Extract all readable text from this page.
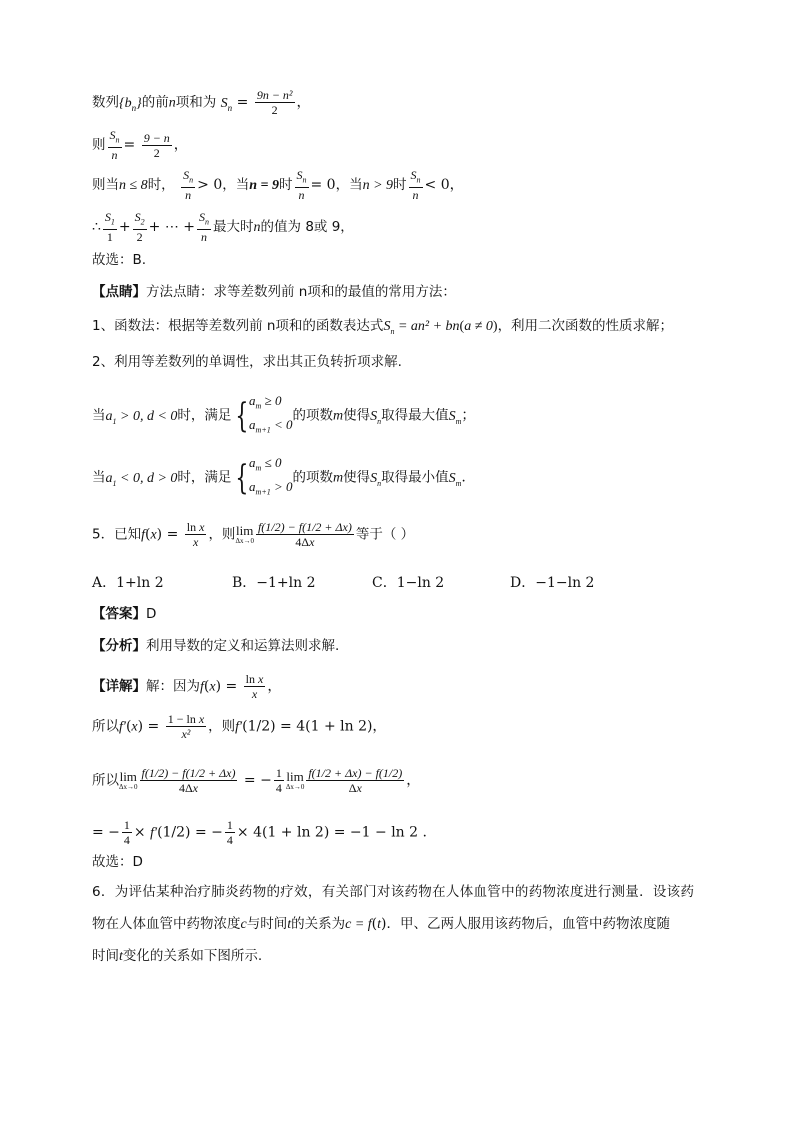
数列$\{b_n\}$的前n项和为 $S_n = \frac{\text{9n − n²}}{2}$ ，
则 $\frac{S_n}{n} = \frac{9 - n}{2}$ ，
则当n ≤ 8时， $\frac{S_n}{n} > 0$，当n = 9时 $\frac{S_n}{n} = 0$，当n > 9时 $\frac{S_n}{n} < 0$，
∴ $\frac{S_1}{1} + \frac{S_2}{2}$ + ⋯ + $\frac{S_n}{n}$ 最大时n的值为 8或 9，
故选：B.
【点睛】方法点睛：求等差数列前 n项和的最值的常用方法：
1、函数法：根据等差数列前 n项和的函数表达式$S_n = an^2 + bn(a \ne 0)$，利用二次函数的性质求解；
2、利用等差数列的单调性，求出其正负转折项求解.
当$a_1 > 0$, d < 0时，满足 {$a_m \ge 0$
$a_{m+1} < 0$的项数m使得$S_n$取得最大值$S_m$；
当$a_1 < 0$, d > 0时，满足 {$a_m \le 0$
$a_{m+1} > 0$的项数m使得$S_n$取得最小值$S_m$.
5．已知$f(x) = \frac{\text{ln x}}{x}$ ，则lim
$\Delta x\to 0 \frac{f(1/2) - f(1/2 + \Delta x)}{4\Delta x}$ 等于（ ）
A．1+ln 2	B．−1+ln 2	C．1−ln 2	D．−1−ln 2
【答案】D
【分析】利用导数的定义和运算法则求解.
【详解】解：因为$f(x) = \frac{\text{ln x}}{x}$ ，
所以$f'(x) = \frac{\text{1 − ln x}}{\text{x²}}$ ，则f′(1/2) = 4(1 + ln 2)，
所以lim
$\Delta x\to 0 \frac{f(1/2) - f(1/2 + \Delta x)}{4\Delta x}$ = − $\frac{1}{4}$ lim
$\Delta x\to 0 \frac{f(1/2 + \Delta x) - f(1/2)}{\Delta x}$ ，
= − $\frac{1}{4} \times f'(1/2)$ = − $\frac{1}{4} \times 4(1 + \ln 2) = -1 - \ln 2$ .
故选：D
6．为评估某种治疗肺炎药物的疗效，有关部门对该药物在人体血管中的药物浓度进行测量．设该药
物在人体血管中药物浓度c与时间t的关系为c = f(t)．甲、乙两人服用该药物后，血管中药物浓度随
时间t变化的关系如下图所示.
